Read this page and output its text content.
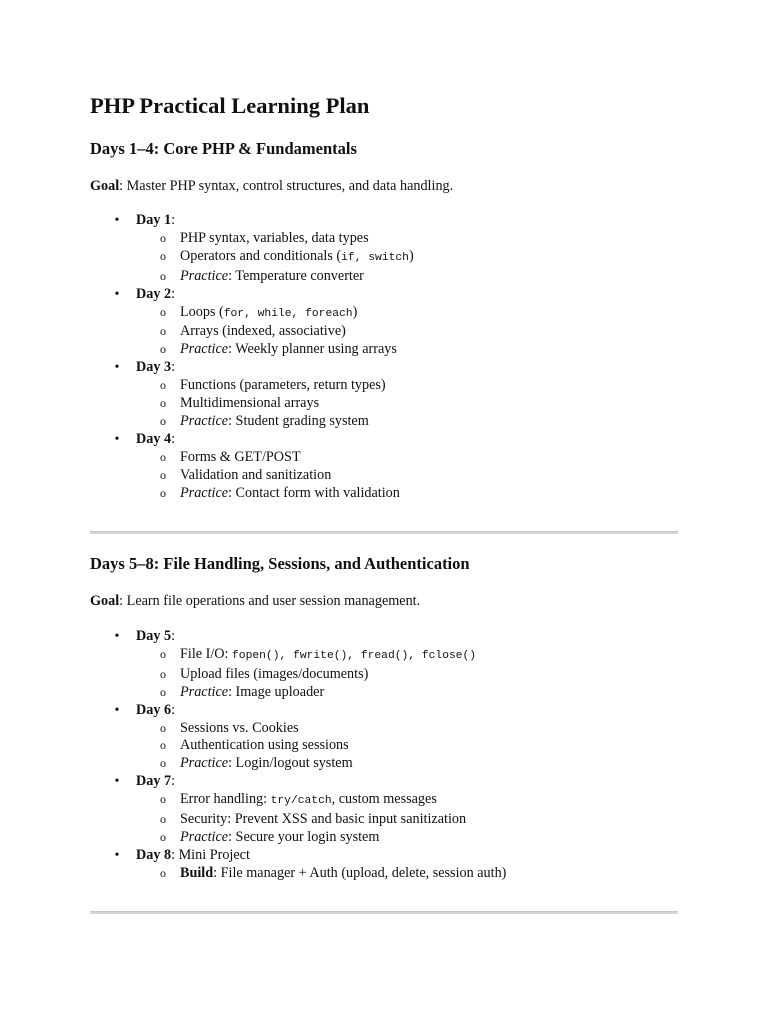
PHP Practical Learning Plan
Days 1–4: Core PHP & Fundamentals

Goal: Master PHP syntax, control structures, and data handling.

• Day 1:
o PHP syntax, variables, data types
o Operators and conditionals (if, switch)
o Practice: Temperature converter
• Day 2:
o Loops (for, while, foreach)
o Arrays (indexed, associative)
o Practice: Weekly planner using arrays
• Day 3:
o Functions (parameters, return types)
o Multidimensional arrays
o Practice: Student grading system
• Day 4:
o Forms & GET/POST
o Validation and sanitization
o Practice: Contact form with validation
Days 5–8: File Handling, Sessions, and Authentication

Goal: Learn file operations and user session management.

• Day 5:
o File I/O: fopen(), fwrite(), fread(), fclose()
o Upload files (images/documents)
o Practice: Image uploader
• Day 6:
o Sessions vs. Cookies
o Authentication using sessions
o Practice: Login/logout system
• Day 7:
o Error handling: try/catch, custom messages
o Security: Prevent XSS and basic input sanitization
o Practice: Secure your login system
• Day 8: Mini Project
o Build: File manager + Auth (upload, delete, session auth)
